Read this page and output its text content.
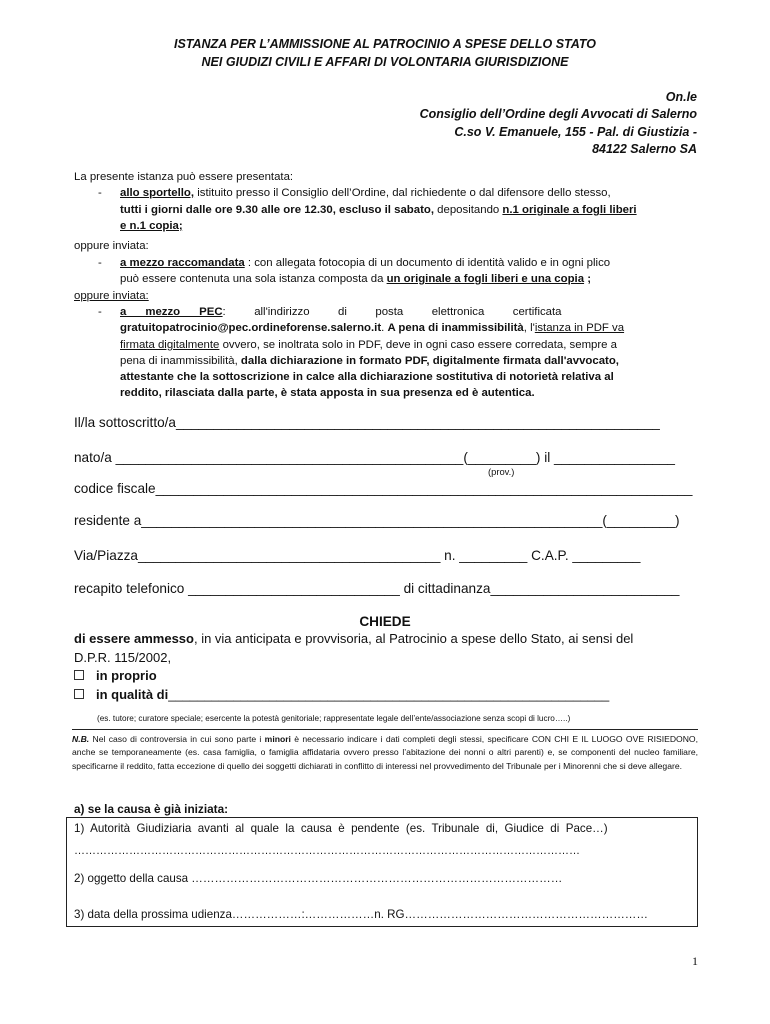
ISTANZA PER L’AMMISSIONE AL PATROCINIO A SPESE DELLO STATO
NEI GIUDIZI CIVILI E AFFARI DI VOLONTARIA GIURISDIZIONE
On.le
Consiglio dell’Ordine degli Avvocati di Salerno
C.so V. Emanuele, 155 - Pal. di Giustizia -
84122 Salerno SA
La presente istanza può essere presentata:
- allo sportello, istituito presso il Consiglio dell’Ordine, dal richiedente o dal difensore dello stesso,
tutti i giorni dalle ore 9.30 alle ore 12.30, escluso il sabato, depositando n.1 originale a fogli liberi
e n.1 copia;
oppure inviata:
- a mezzo raccomandata : con allegata fotocopia di un documento di identità valido e in ogni plico
può essere contenuta una sola istanza composta da un originale a fogli liberi e una copia ;
oppure inviata:
- a      mezzo      PEC:         all'indirizzo         di         posta         elettronica         certificata
gratuitopatrocinio@pec.ordineforense.salerno.it. A pena di inammissibilità, l'istanza in PDF va
firmata digitalmente ovvero, se inoltrata solo in PDF, deve in ogni caso essere corredata, sempre a
pena di inammissibilità, dalla dichiarazione in formato PDF, digitalmente firmata dall'avvocato,
attestante che la sottoscrizione in calce alla dichiarazione sostitutiva di notorietà relativa al
reddito, rilasciata dalla parte, è stata apposta in sua presenza ed è autentica.
Il/la sottoscritto/a________________________________________________________________
nato/a ______________________________________________(_________) il ________________
(prov.)
codice fiscale_______________________________________________________________________
residente a_____________________________________________________________(_________)
Via/Piazza________________________________________ n. _________ C.A.P. _________
recapito telefonico ____________________________ di cittadinanza_________________________
CHIEDE
di essere ammesso, in via anticipata e provvisoria, al Patrocinio a spese dello Stato, ai sensi del
D.P.R. 115/2002,
in proprio
in qualità di_____________________________________________________________
(es. tutore; curatore speciale; esercente la potestà genitoriale; rappresentate legale dell’ente/associazione senza scopi di lucro…..)
N.B. Nel caso di controversia in cui sono parte i minori è necessario indicare i dati completi degli stessi, specificare CON CHI E IL LUOGO OVE RISIEDONO, anche se temporaneamente (es. casa famiglia, o famiglia affidataria ovvero presso l’abitazione dei nonni o altri parenti) e, se componenti del nucleo familiare, specificarne il reddito, fatta eccezione di quello dei soggetti dichiarati in conflitto di interessi nel provvedimento del Tribunale per i Minorenni che si deve allegare.
a) se la causa è già iniziata:
1)  Autorità  Giudiziaria  avanti  al  quale  la  causa  è  pendente  (es.  Tribunale  di,  Giudice  di  Pace…)
…………………………………………………………………………………………………………………………
2) oggetto della causa ……………………………………………………………………………………
3) data della prossima udienza………………:………………n. RG………………………………………………………
1
